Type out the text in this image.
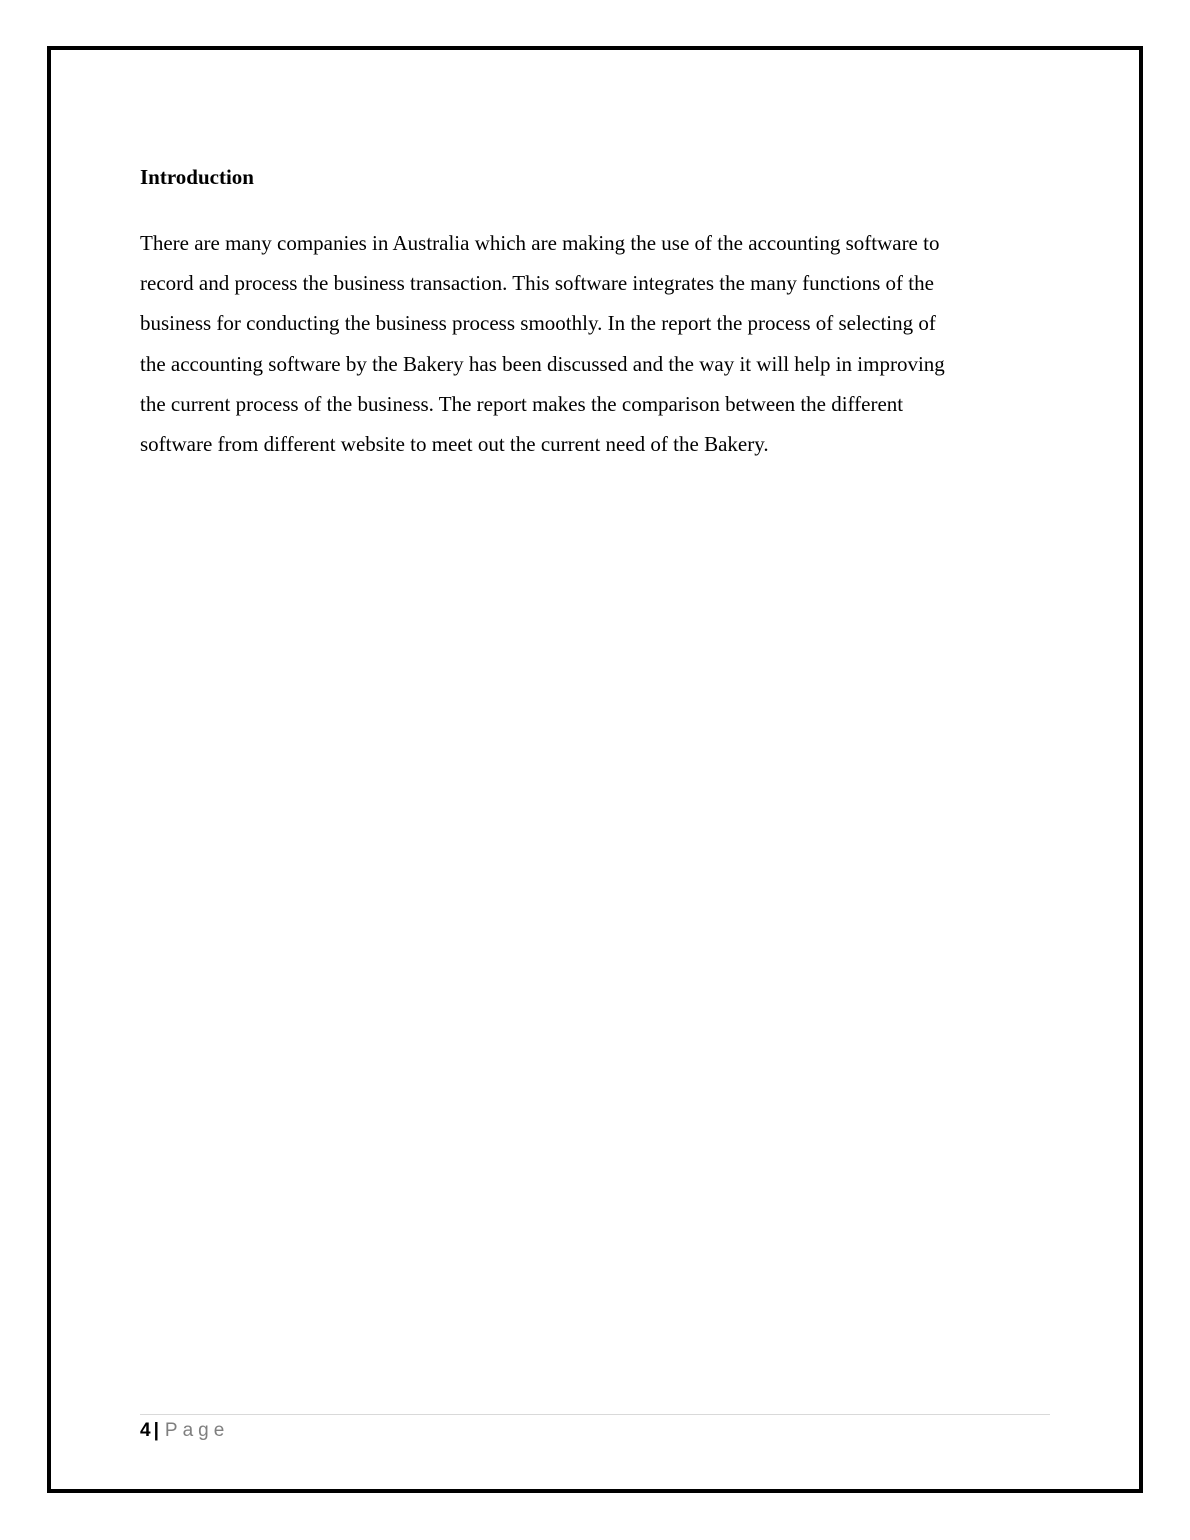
Introduction

There are many companies in Australia which are making the use of the accounting software to
record and process the business transaction. This software integrates the many functions of the
business for conducting the business process smoothly. In the report the process of selecting of
the accounting software by the Bakery has been discussed and the way it will help in improving
the current process of the business. The report makes the comparison between the different
software from different website to meet out the current need of the Bakery.

4 | Page
